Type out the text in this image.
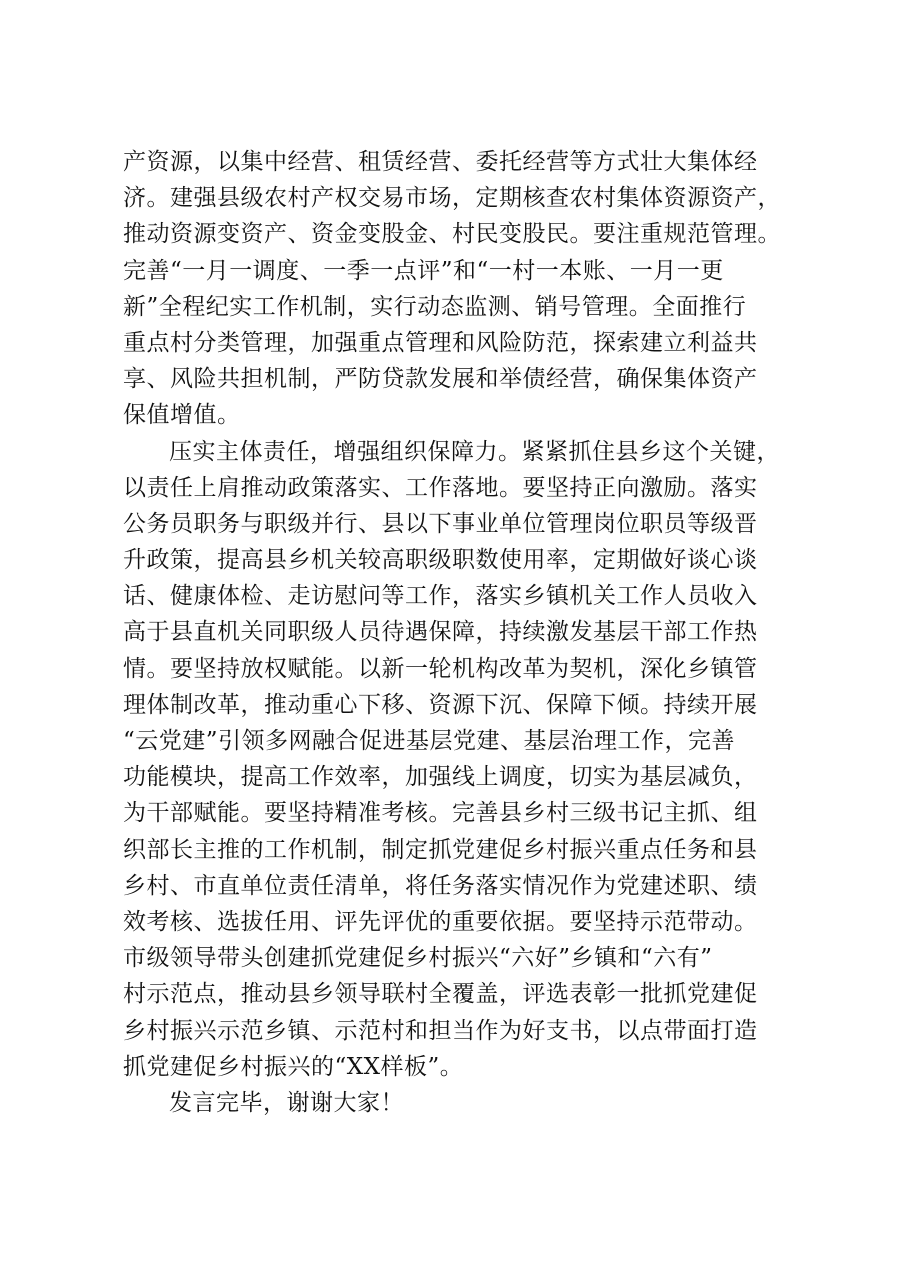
产资源，以集中经营、租赁经营、委托经营等方式壮大集体经
济。建强县级农村产权交易市场，定期核查农村集体资源资产，
推动资源变资产、资金变股金、村民变股民。要注重规范管理。
完善“一月一调度、一季一点评”和“一村一本账、一月一更
新”全程纪实工作机制，实行动态监测、销号管理。全面推行
重点村分类管理，加强重点管理和风险防范，探索建立利益共
享、风险共担机制，严防贷款发展和举债经营，确保集体资产
保值增值。
压实主体责任，增强组织保障力。紧紧抓住县乡这个关键，
以责任上肩推动政策落实、工作落地。要坚持正向激励。落实
公务员职务与职级并行、县以下事业单位管理岗位职员等级晋
升政策，提高县乡机关较高职级职数使用率，定期做好谈心谈
话、健康体检、走访慰问等工作，落实乡镇机关工作人员收入
高于县直机关同职级人员待遇保障，持续激发基层干部工作热
情。要坚持放权赋能。以新一轮机构改革为契机，深化乡镇管
理体制改革，推动重心下移、资源下沉、保障下倾。持续开展
“云党建”引领多网融合促进基层党建、基层治理工作，完善
功能模块，提高工作效率，加强线上调度，切实为基层减负，
为干部赋能。要坚持精准考核。完善县乡村三级书记主抓、组
织部长主推的工作机制，制定抓党建促乡村振兴重点任务和县
乡村、市直单位责任清单，将任务落实情况作为党建述职、绩
效考核、选拔任用、评先评优的重要依据。要坚持示范带动。
市级领导带头创建抓党建促乡村振兴“六好”乡镇和“六有”
村示范点，推动县乡领导联村全覆盖，评选表彰一批抓党建促
乡村振兴示范乡镇、示范村和担当作为好支书，以点带面打造
抓党建促乡村振兴的“XX样板”。
发言完毕，谢谢大家！
